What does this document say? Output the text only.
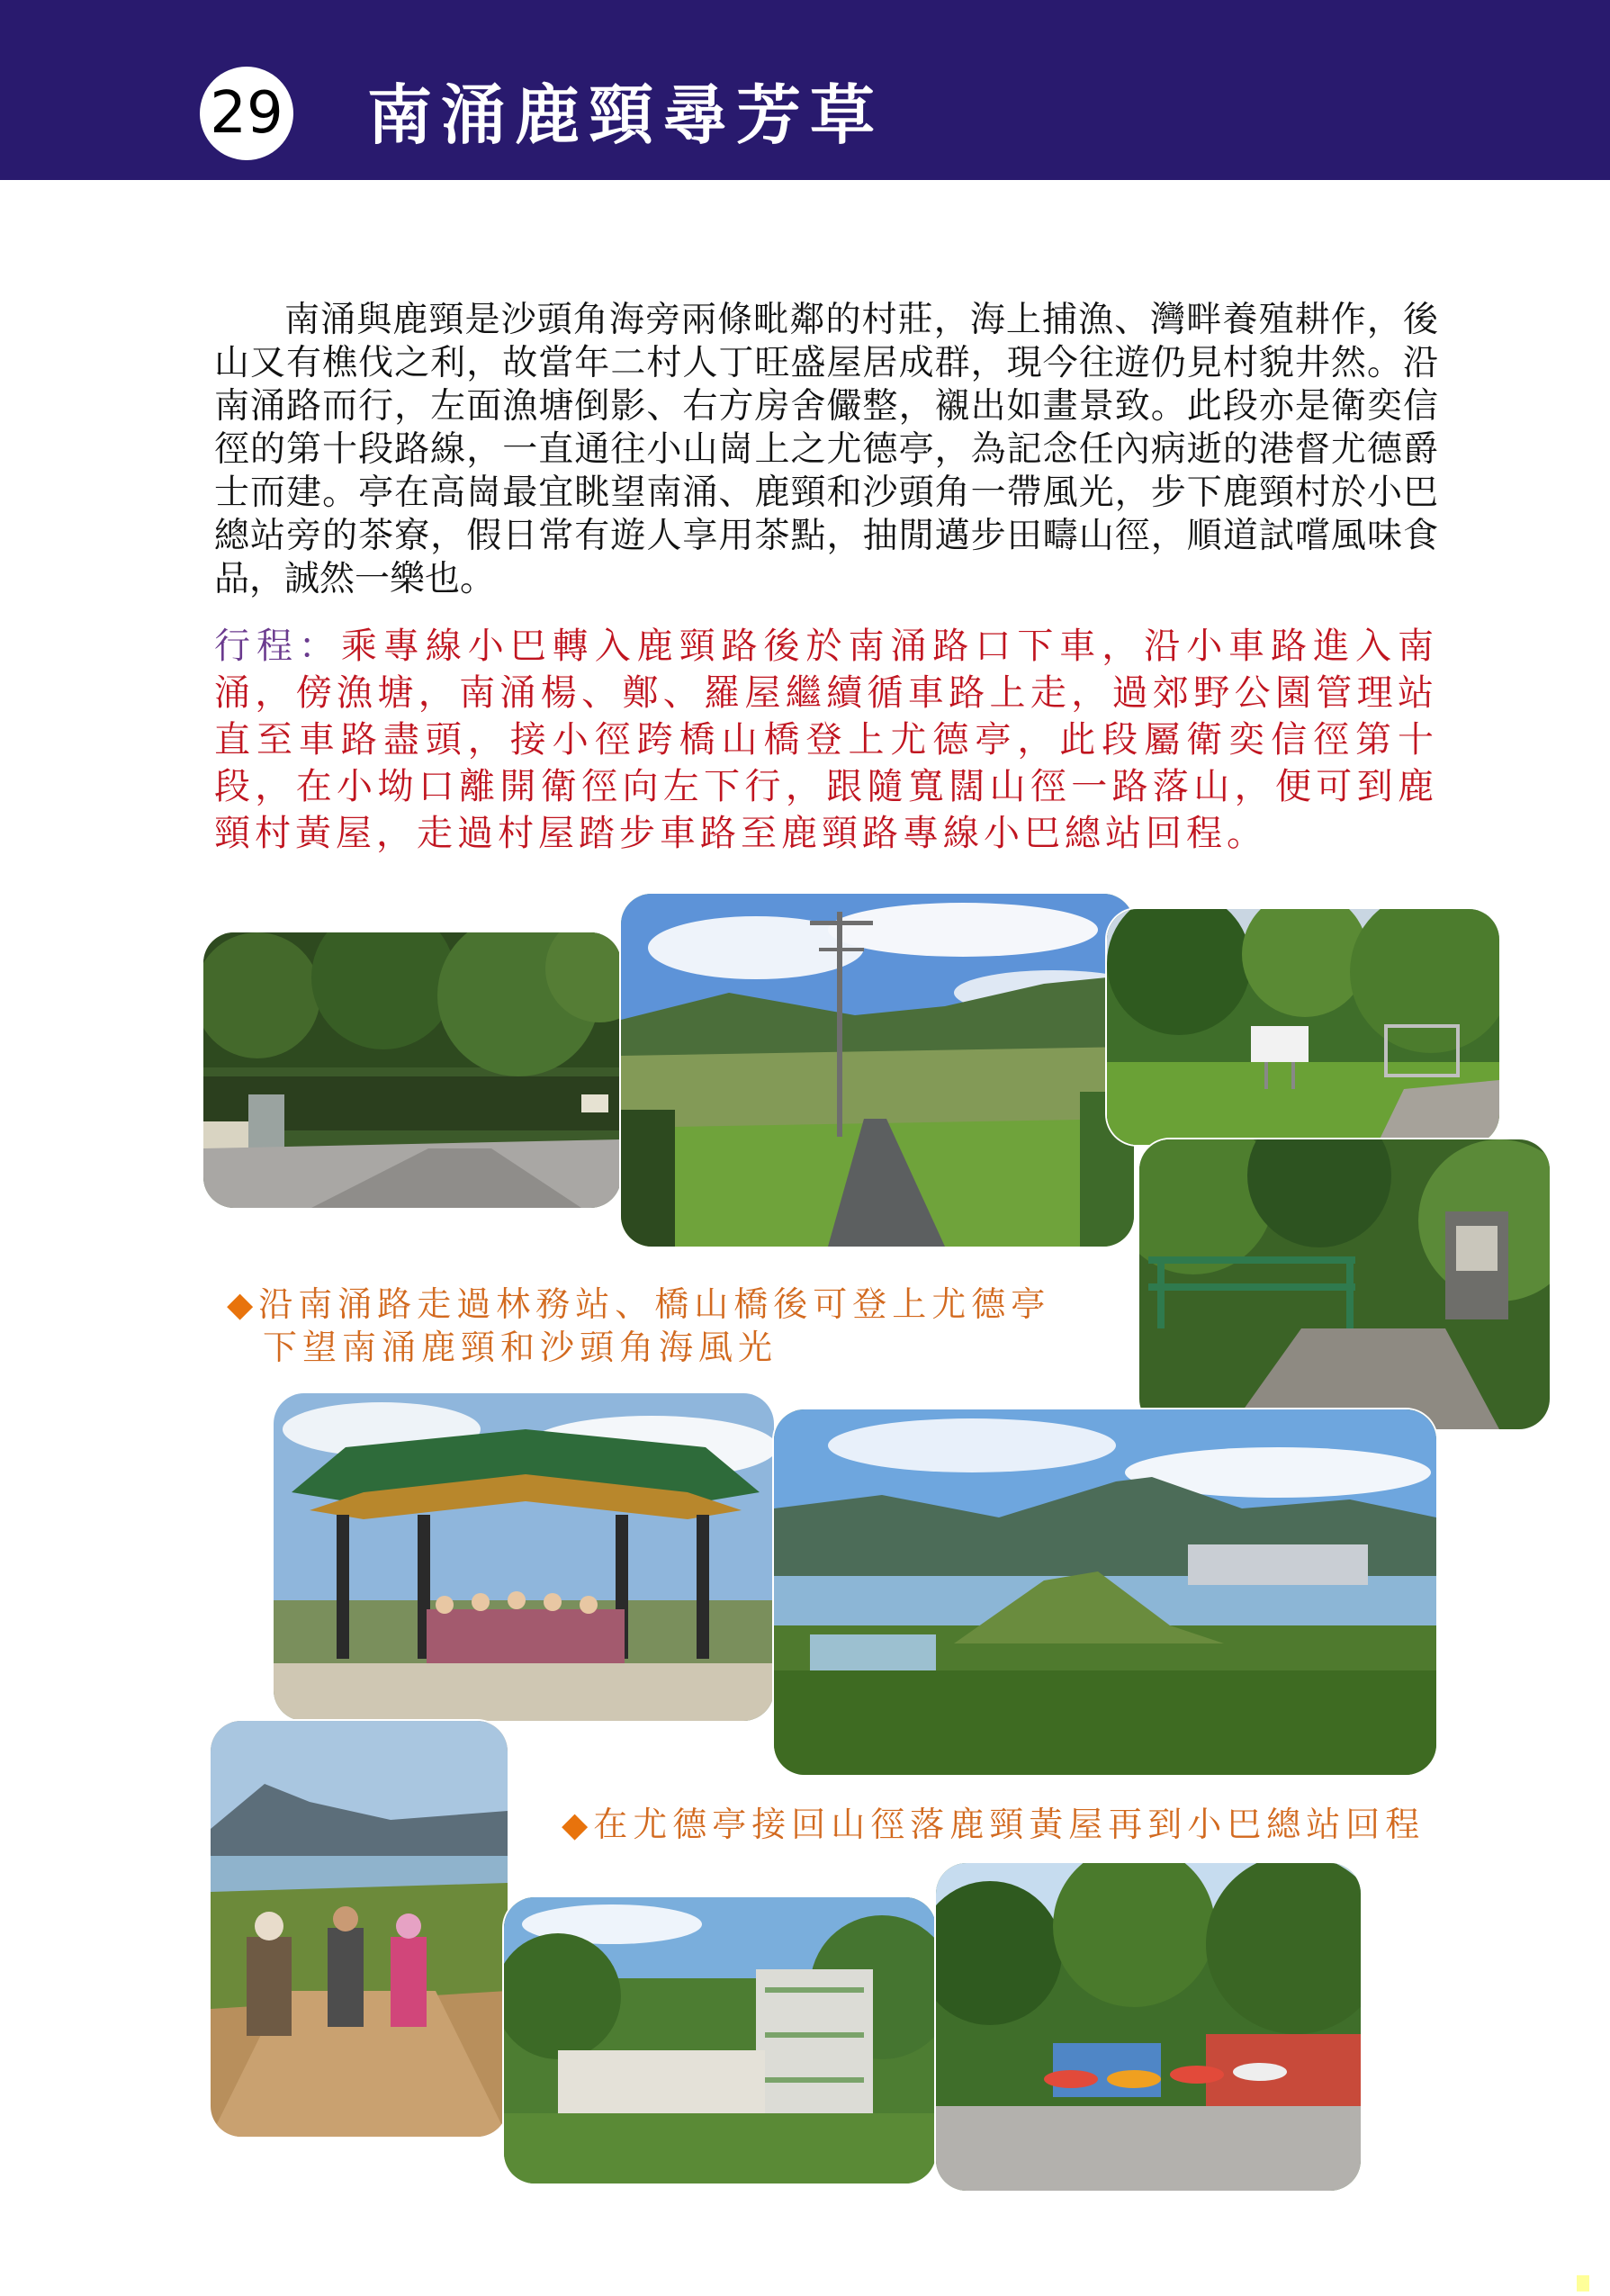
29 南涌鹿頸尋芳草

南涌與鹿頸是沙頭角海旁兩條毗鄰的村莊，海上捕漁、灣畔養殖耕作，後山又有樵伐之利，故當年二村人丁旺盛屋居成群，現今往遊仍見村貌井然。沿南涌路而行，左面漁塘倒影、右方房舍儼整，襯出如畫景致。此段亦是衛奕信徑的第十段路線，一直通往小山崗上之尤德亭，為記念任內病逝的港督尤德爵士而建。亭在高崗最宜眺望南涌、鹿頸和沙頭角一帶風光，步下鹿頸村於小巴總站旁的茶寮，假日常有遊人享用茶點，抽閒邁步田疇山徑，順道試嚐風味食品，誠然一樂也。

行程：乘專線小巴轉入鹿頸路後於南涌路口下車，沿小車路進入南涌，傍漁塘，南涌楊、鄭、羅屋繼續循車路上走，過郊野公園管理站直至車路盡頭，接小徑跨橋山橋登上尤德亭，此段屬衛奕信徑第十段，在小坳口離開衛徑向左下行，跟隨寬闊山徑一路落山，便可到鹿頸村黃屋，走過村屋踏步車路至鹿頸路專線小巴總站回程。
◆沿南涌路走過林務站、橋山橋後可登上尤德亭
下望南涌鹿頸和沙頭角海風光
◆在尤德亭接回山徑落鹿頸黃屋再到小巴總站回程
